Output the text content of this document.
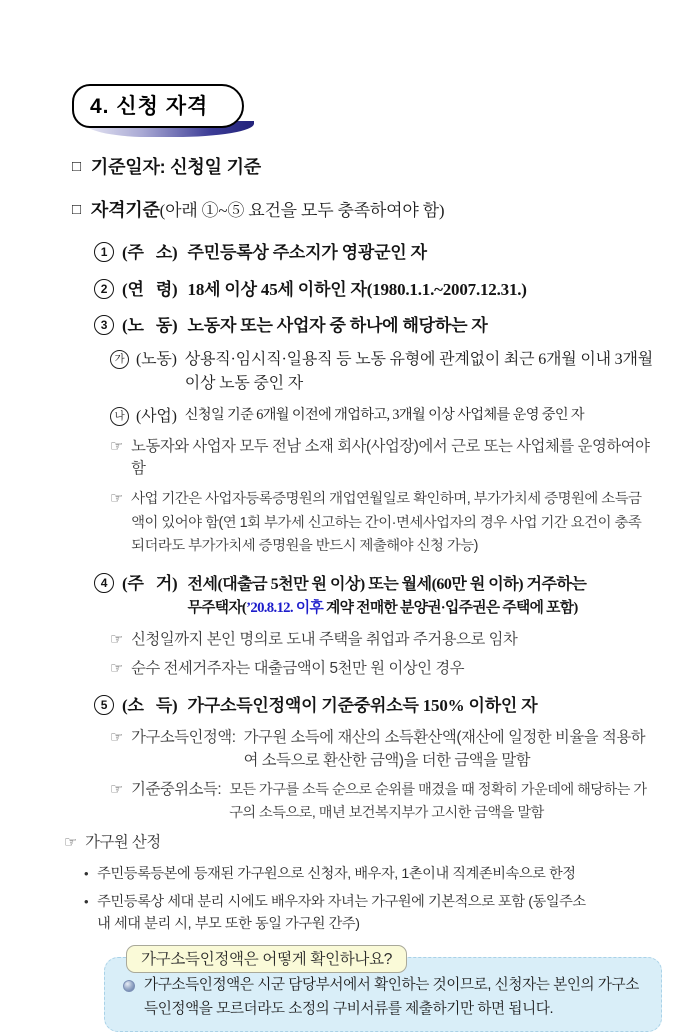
4. 신청 자격
□ 기준일자: 신청일 기준
□ 자격기준(아래 ①~⑤ 요건을 모두 충족하여야 함)
1 (주   소) 주민등록상 주소지가 영광군인 자
2 (연   령) 18세 이상 45세 이하인 자(1980.1.1.~2007.12.31.)
3 (노   동) 노동자 또는 사업자 중 하나에 해당하는 자
가 (노동) 상용직·임시직·일용직 등 노동 유형에 관계없이 최근 6개월 이내 3개월 이상 노동 중인 자
나 (사업) 신청일 기준 6개월 이전에 개업하고, 3개월 이상 사업체를 운영 중인 자
☞ 노동자와 사업자 모두 전남 소재 회사(사업장)에서 근로 또는 사업체를 운영하여야 함
☞ 사업 기간은 사업자등록증명원의 개업연월일로 확인하며, 부가가치세 증명원에 소득금액이 있어야 함(연 1회 부가세 신고하는 간이·면세사업자의 경우 사업 기간 요건이 충족되더라도 부가가치세 증명원을 반드시 제출해야 신청 가능)
4 (주   거) 전세(대출금 5천만 원 이상) 또는 월세(60만 원 이하) 거주하는
무주택자(’20.8.12. 이후 계약 전매한 분양권·입주권은 주택에 포함)
☞ 신청일까지 본인 명의로 도내 주택을 취업과 주거용으로 임차
☞ 순수 전세거주자는 대출금액이 5천만 원 이상인 경우
5 (소   득) 가구소득인정액이 기준중위소득 150% 이하인 자
☞ 가구소득인정액: 가구원 소득에 재산의 소득환산액(재산에 일정한 비율을 적용하여 소득으로 환산한 금액)을 더한 금액을 말함
☞ 기준중위소득: 모든 가구를 소득 순으로 순위를 매겼을 때 정확히 가운데에 해당하는 가구의 소득으로, 매년 보건복지부가 고시한 금액을 말함
☞ 가구원 산정
• 주민등록등본에 등재된 가구원으로 신청자, 배우자, 1촌이내 직계존비속으로 한정
• 주민등록상 세대 분리 시에도 배우자와 자녀는 가구원에 기본적으로 포함 (동일주소 내 세대 분리 시, 부모 또한 동일 가구원 간주)
가구소득인정액은 어떻게 확인하나요?
가구소득인정액은 시군 담당부서에서 확인하는 것이므로, 신청자는 본인의 가구소득인정액을 모르더라도 소정의 구비서류를 제출하기만 하면 됩니다.
